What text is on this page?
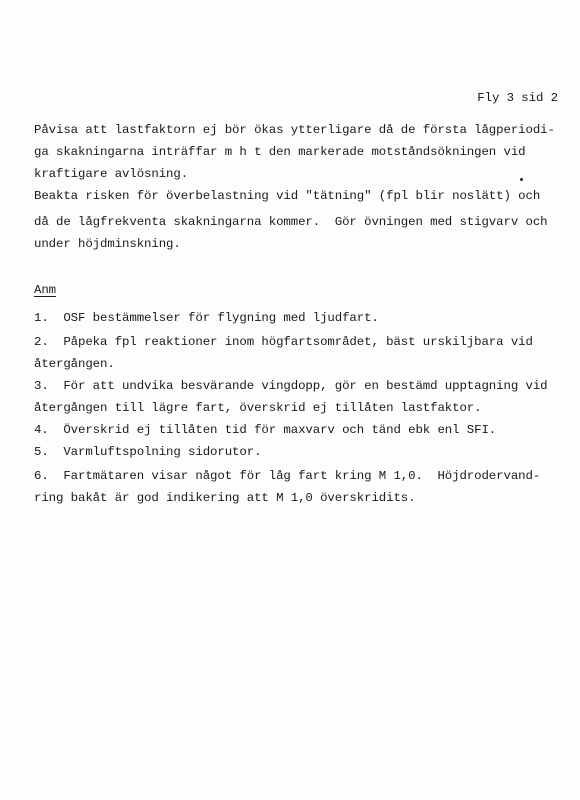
Fly 3 sid 2
Påvisa att lastfaktorn ej bör ökas ytterligare då de första lågperiodi-
ga skakningarna inträffar m h t den markerade motståndsökningen vid
kraftigare avlösning.
Beakta risken för överbelastning vid "tätning" (fpl blir noslätt) och
då de lågfrekventa skakningarna kommer.  Gör övningen med stigvarv och
under höjdminskning.
Anm
1.  OSF bestämmelser för flygning med ljudfart.
2.  Påpeka fpl reaktioner inom högfartsområdet, bäst urskiljbara vid
återgången.
3.  För att undvika besvärande vingdopp, gör en bestämd upptagning vid
återgången till lägre fart, överskrid ej tillåten lastfaktor.
4.  Överskrid ej tillåten tid för maxvarv och tänd ebk enl SFI.
5.  Varmluftspolning sidorutor.
6.  Fartmätaren visar något för låg fart kring M 1,0.  Höjdrodervand-
ring bakåt är god indikering att M 1,0 överskridits.
